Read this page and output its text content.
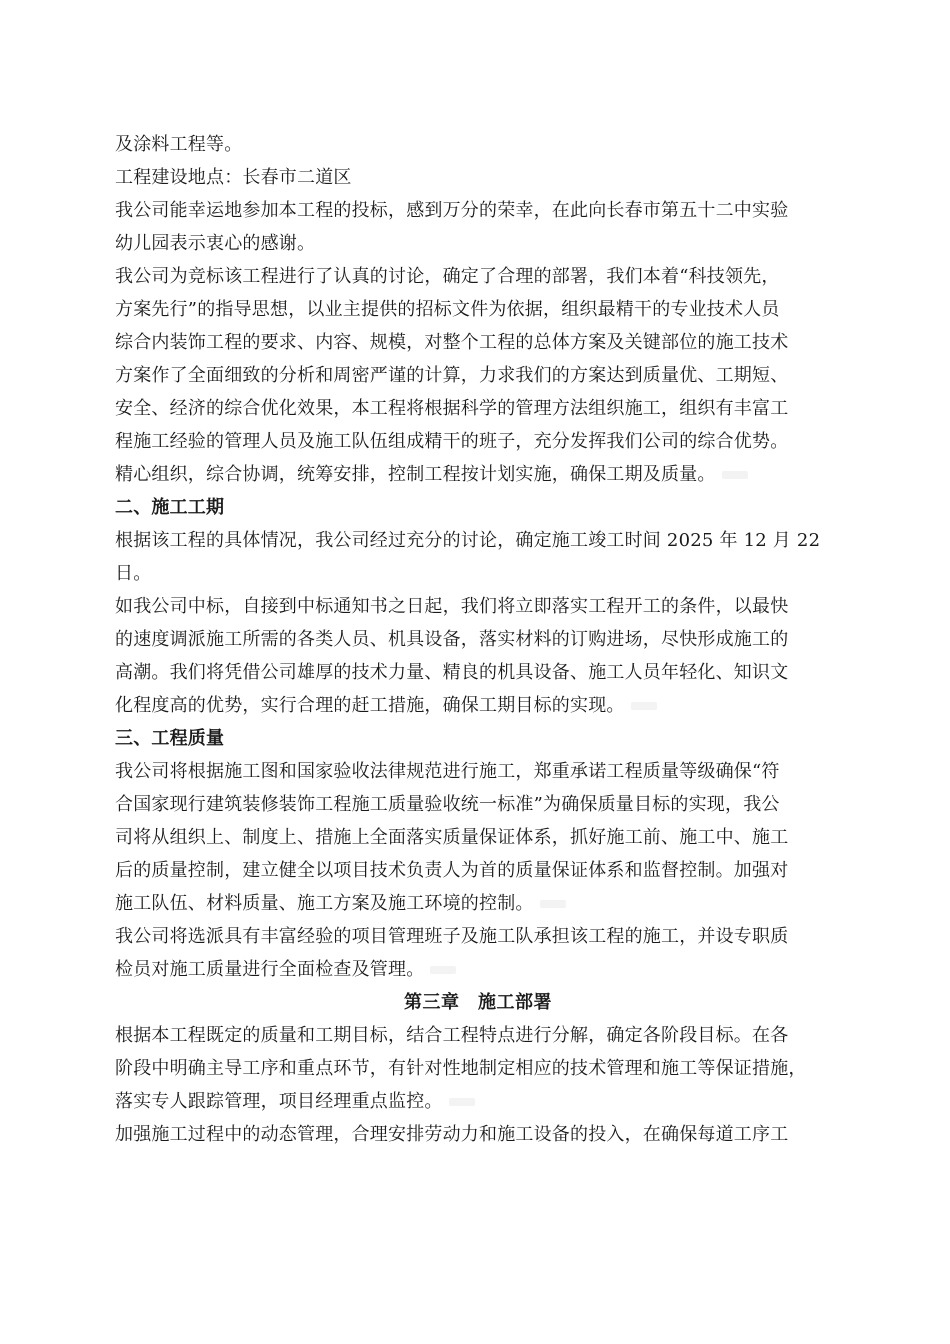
及涂料工程等。
工程建设地点：长春市二道区
我公司能幸运地参加本工程的投标，感到万分的荣幸，在此向长春市第五十二中实验
幼儿园表示衷心的感谢。
我公司为竞标该工程进行了认真的讨论，确定了合理的部署，我们本着“科技领先，
方案先行”的指导思想，以业主提供的招标文件为依据，组织最精干的专业技术人员
综合内装饰工程的要求、内容、规模，对整个工程的总体方案及关键部位的施工技术
方案作了全面细致的分析和周密严谨的计算，力求我们的方案达到质量优、工期短、
安全、经济的综合优化效果，本工程将根据科学的管理方法组织施工，组织有丰富工
程施工经验的管理人员及施工队伍组成精干的班子，充分发挥我们公司的综合优势。
精心组织，综合协调，统筹安排，控制工程按计划实施，确保工期及质量。
二、施工工期
根据该工程的具体情况，我公司经过充分的讨论，确定施工竣工时间 2025 年 12 月 22
日。
如我公司中标，自接到中标通知书之日起，我们将立即落实工程开工的条件，以最快
的速度调派施工所需的各类人员、机具设备，落实材料的订购进场，尽快形成施工的
高潮。我们将凭借公司雄厚的技术力量、精良的机具设备、施工人员年轻化、知识文
化程度高的优势，实行合理的赶工措施，确保工期目标的实现。
三、工程质量
我公司将根据施工图和国家验收法律规范进行施工，郑重承诺工程质量等级确保“符
合国家现行建筑装修装饰工程施工质量验收统一标准”为确保质量目标的实现，我公
司将从组织上、制度上、措施上全面落实质量保证体系，抓好施工前、施工中、施工
后的质量控制，建立健全以项目技术负责人为首的质量保证体系和监督控制。加强对
施工队伍、材料质量、施工方案及施工环境的控制。
我公司将选派具有丰富经验的项目管理班子及施工队承担该工程的施工，并设专职质
检员对施工质量进行全面检查及管理。
第三章　施工部署
根据本工程既定的质量和工期目标，结合工程特点进行分解，确定各阶段目标。在各
阶段中明确主导工序和重点环节，有针对性地制定相应的技术管理和施工等保证措施，
落实专人跟踪管理，项目经理重点监控。
加强施工过程中的动态管理，合理安排劳动力和施工设备的投入，在确保每道工序工
